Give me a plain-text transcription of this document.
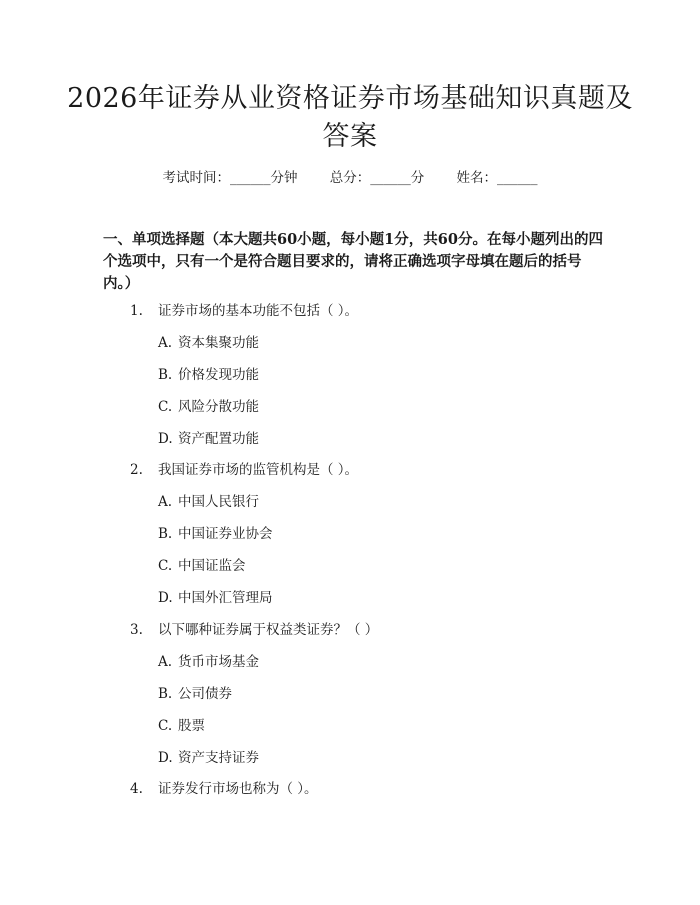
2026年证券从业资格证券市场基础知识真题及答案
考试时间：______分钟 总分：______分 姓名：______

一、单项选择题（本大题共60小题，每小题1分，共60分。在每小题列出的四个选项中，只有一个是符合题目要求的，请将正确选项字母填在题后的括号内。）

1. 证券市场的基本功能不包括（ ）。
A. 资本集聚功能
B. 价格发现功能
C. 风险分散功能
D. 资产配置功能
2. 我国证券市场的监管机构是（ ）。
A. 中国人民银行
B. 中国证券业协会
C. 中国证监会
D. 中国外汇管理局
3. 以下哪种证券属于权益类证券？（ ）
A. 货币市场基金
B. 公司债券
C. 股票
D. 资产支持证券
4. 证券发行市场也称为（ ）。
